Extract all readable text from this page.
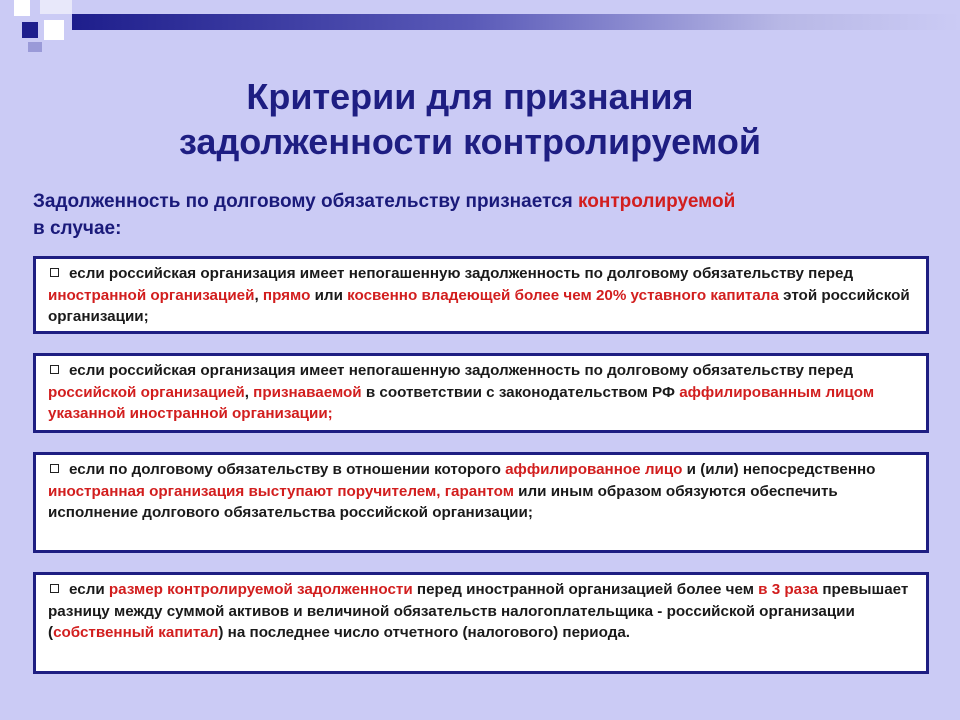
Критерии для признания
задолженности контролируемой
Задолженность по долговому обязательству признается контролируемой
в случае:

если российская организация имеет непогашенную задолженность по долговому обязательству перед иностранной организацией, прямо или косвенно владеющей более чем 20% уставного капитала этой российской организации;

если российская организация имеет непогашенную задолженность по долговому обязательству перед российской организацией, признаваемой в соответствии с законодательством РФ аффилированным лицом указанной иностранной организации;

если по долговому обязательству в отношении которого аффилированное лицо и (или) непосредственно иностранная организация выступают поручителем, гарантом или иным образом обязуются обеспечить исполнение долгового обязательства российской организации;

если размер контролируемой задолженности перед иностранной организацией более чем в 3 раза превышает разницу между суммой активов и величиной обязательств налогоплательщика - российской организации (собственный капитал) на последнее число отчетного (налогового) периода.
